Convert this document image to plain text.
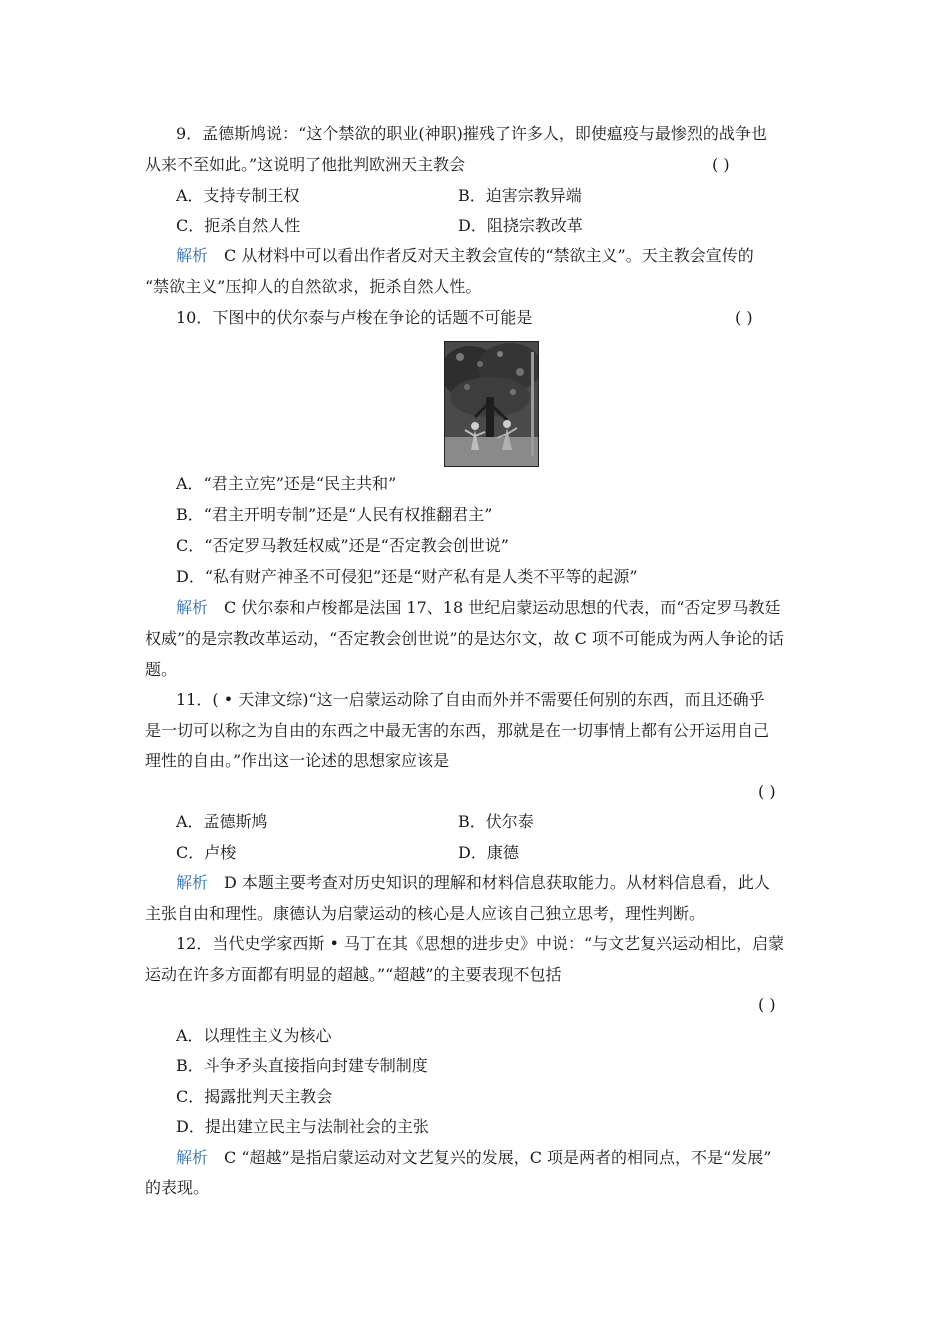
9．孟德斯鸠说：“这个禁欲的职业(神职)摧残了许多人，即使瘟疫与最惨烈的战争也
从来不至如此。”这说明了他批判欧洲天主教会	( )
A．支持专制王权	B．迫害宗教异端
C．扼杀自然人性	D．阻挠宗教改革
解析  C 从材料中可以看出作者反对天主教会宣传的“禁欲主义”。天主教会宣传的
“禁欲主义”压抑人的自然欲求，扼杀自然人性。
10．下图中的伏尔泰与卢梭在争论的话题不可能是	( )
A．“君主立宪”还是“民主共和”
B．“君主开明专制”还是“人民有权推翻君主”
C．“否定罗马教廷权威”还是“否定教会创世说”
D．“私有财产神圣不可侵犯”还是“财产私有是人类不平等的起源”
解析  C 伏尔泰和卢梭都是法国 17、18 世纪启蒙运动思想的代表，而“否定罗马教廷
权威”的是宗教改革运动，“否定教会创世说”的是达尔文，故 C 项不可能成为两人争论的话
题。
11．( • 天津文综)“这一启蒙运动除了自由而外并不需要任何别的东西，而且还确乎
是一切可以称之为自由的东西之中最无害的东西，那就是在一切事情上都有公开运用自己
理性的自由。”作出这一论述的思想家应该是
( )
A．孟德斯鸠	B．伏尔泰
C．卢梭	D．康德
解析  D 本题主要考查对历史知识的理解和材料信息获取能力。从材料信息看，此人
主张自由和理性。康德认为启蒙运动的核心是人应该自己独立思考，理性判断。
12．当代史学家西斯 • 马丁在其《思想的进步史》中说：“与文艺复兴运动相比，启蒙
运动在许多方面都有明显的超越。”“超越”的主要表现不包括
( )
A．以理性主义为核心
B．斗争矛头直接指向封建专制制度
C．揭露批判天主教会
D．提出建立民主与法制社会的主张
解析  C “超越”是指启蒙运动对文艺复兴的发展，C 项是两者的相同点，不是“发展”
的表现。
